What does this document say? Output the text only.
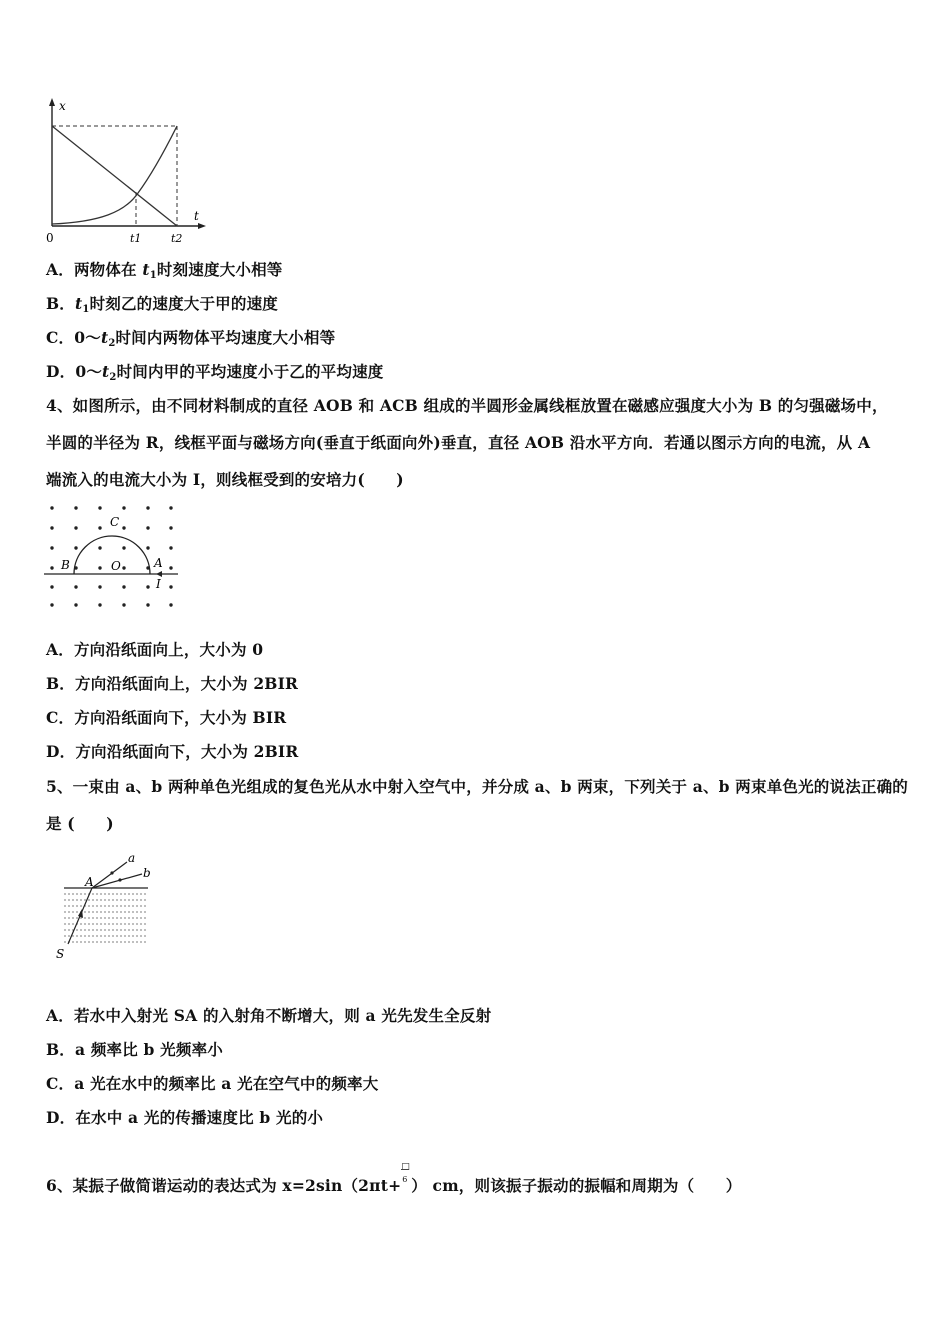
x
t
0	t1	t2
A．两物体在 $t_1$时刻速度大小相等
B．$t_1$时刻乙的速度大于甲的速度
C．$0\sim t_2$时间内两物体平均速度大小相等
D．$0\sim t_2$时间内甲的平均速度小于乙的平均速度
4、如图所示，由不同材料制成的直径 AOB 和 ACB 组成的半圆形金属线框放置在磁感应强度大小为 B 的匀强磁场中，
半圆的半径为 R，线框平面与磁场方向(垂直于纸面向外)垂直，直径 AOB 沿水平方向．若通以图示方向的电流，从 A
端流入的电流大小为 I，则线框受到的安培力(　　)
C
B	O	A
I
A．方向沿纸面向上，大小为 0
B．方向沿纸面向上，大小为 2BIR
C．方向沿纸面向下，大小为 BIR
D．方向沿纸面向下，大小为 2BIR
5、一束由 a、b 两种单色光组成的复色光从水中射入空气中，并分成 a、b 两束，下列关于 a、b 两束单色光的说法正确的
是 (　　)
a
b
A
S
A．若水中入射光 SA 的入射角不断增大，则 a 光先发生全反射
B．a 频率比 b 光频率小
C．a 光在水中的频率比 a 光在空气中的频率大
D．在水中 a 光的传播速度比 b 光的小
6、某振子做简谐运动的表达式为 x=2sin（2πt+
□
6 ） cm，则该振子振动的振幅和周期为（　　）
